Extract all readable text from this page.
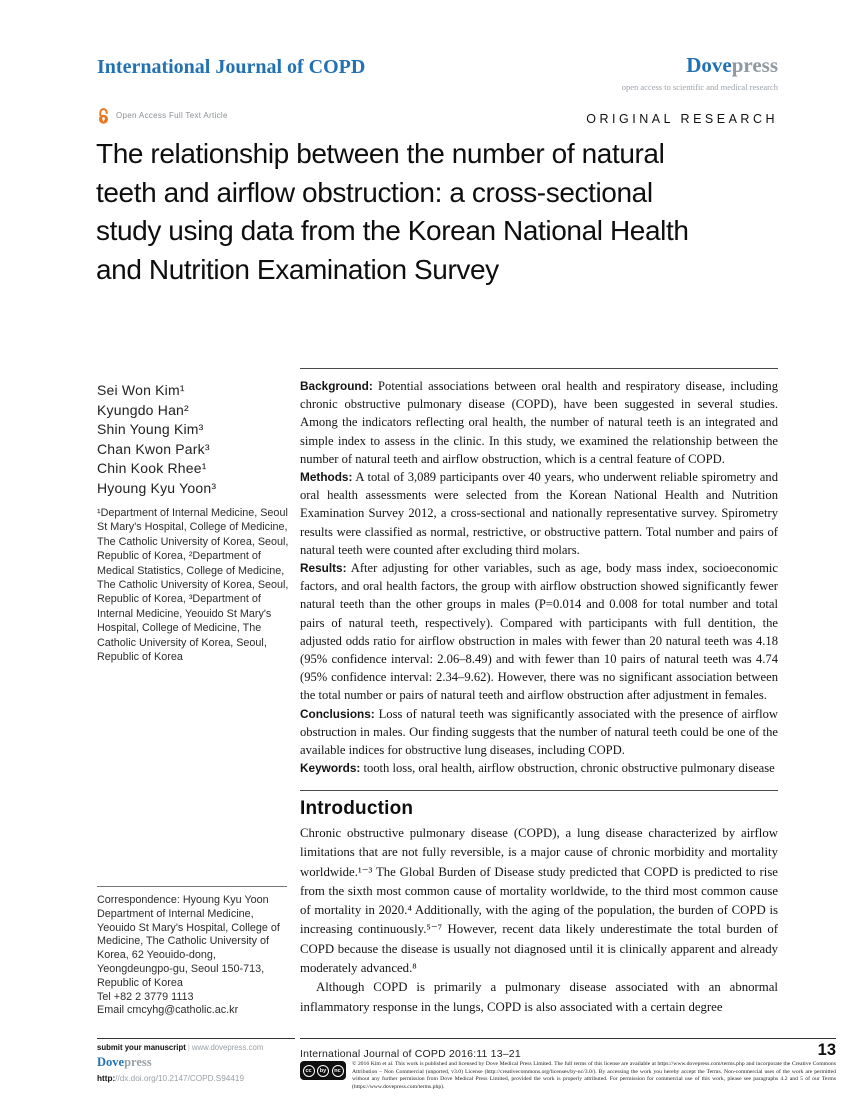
International Journal of COPD	Dovepress
open access to scientific and medical research
Open Access Full Text Article	ORIGINAL RESEARCH
The relationship between the number of natural
teeth and airflow obstruction: a cross-sectional
study using data from the Korean National Health
and Nutrition Examination Survey
Sei Won Kim¹
Kyungdo Han²
Shin Young Kim³
Chan Kwon Park³
Chin Kook Rhee¹
Hyoung Kyu Yoon³
¹Department of Internal Medicine, Seoul St Mary's Hospital, College of Medicine, The Catholic University of Korea, Seoul, Republic of Korea, ²Department of Medical Statistics, College of Medicine, The Catholic University of Korea, Seoul, Republic of Korea, ³Department of Internal Medicine, Yeouido St Mary's Hospital, College of Medicine, The Catholic University of Korea, Seoul, Republic of Korea
Correspondence: Hyoung Kyu Yoon
Department of Internal Medicine, Yeouido St Mary's Hospital, College of Medicine, The Catholic University of Korea, 62 Yeouido-dong, Yeongdeungpo-gu, Seoul 150-713, Republic of Korea
Tel +82 2 3779 1113
Email cmcyhg@catholic.ac.kr

Background: Potential associations between oral health and respiratory disease, including chronic obstructive pulmonary disease (COPD), have been suggested in several studies. Among the indicators reflecting oral health, the number of natural teeth is an integrated and simple index to assess in the clinic. In this study, we examined the relationship between the number of natural teeth and airflow obstruction, which is a central feature of COPD.

Methods: A total of 3,089 participants over 40 years, who underwent reliable spirometry and oral health assessments were selected from the Korean National Health and Nutrition Examination Survey 2012, a cross-sectional and nationally representative survey. Spirometry results were classified as normal, restrictive, or obstructive pattern. Total number and pairs of natural teeth were counted after excluding third molars.

Results: After adjusting for other variables, such as age, body mass index, socioeconomic factors, and oral health factors, the group with airflow obstruction showed significantly fewer natural teeth than the other groups in males (P=0.014 and 0.008 for total number and total pairs of natural teeth, respectively). Compared with participants with full dentition, the adjusted odds ratio for airflow obstruction in males with fewer than 20 natural teeth was 4.18 (95% confidence interval: 2.06–8.49) and with fewer than 10 pairs of natural teeth was 4.74 (95% confidence interval: 2.34–9.62). However, there was no significant association between the total number or pairs of natural teeth and airflow obstruction after adjustment in females.

Conclusions: Loss of natural teeth was significantly associated with the presence of airflow obstruction in males. Our finding suggests that the number of natural teeth could be one of the available indices for obstructive lung diseases, including COPD.

Keywords: tooth loss, oral health, airflow obstruction, chronic obstructive pulmonary disease

Introduction

Chronic obstructive pulmonary disease (COPD), a lung disease characterized by airflow limitations that are not fully reversible, is a major cause of chronic morbidity and mortality worldwide.¹⁻³ The Global Burden of Disease study predicted that COPD is predicted to rise from the sixth most common cause of mortality worldwide, to the third most common cause of mortality in 2020.⁴ Additionally, with the aging of the population, the burden of COPD is increasing continuously.⁵⁻⁷ However, recent data likely underestimate the total burden of COPD because the disease is usually not diagnosed until it is clinically apparent and already moderately advanced.⁸

Although COPD is primarily a pulmonary disease associated with an abnormal inflammatory response in the lungs, COPD is also associated with a certain degree

submit your manuscript | www.dovepress.com
Dovepress
http://dx.doi.org/10.2147/COPD.S94419
International Journal of COPD 2016:11 13–21	13
cc	by	nc
© 2016 Kim et al. This work is published and licensed by Dove Medical Press Limited. The full terms of this license are available at https://www.dovepress.com/terms.php and incorporate the Creative Commons Attribution – Non Commercial (unported, v3.0) License (http://creativecommons.org/licenses/by-nc/3.0/). By accessing the work you hereby accept the Terms. Non-commercial uses of the work are permitted without any further permission from Dove Medical Press Limited, provided the work is properly attributed. For permission for commercial use of this work, please see paragraphs 4.2 and 5 of our Terms (https://www.dovepress.com/terms.php).
